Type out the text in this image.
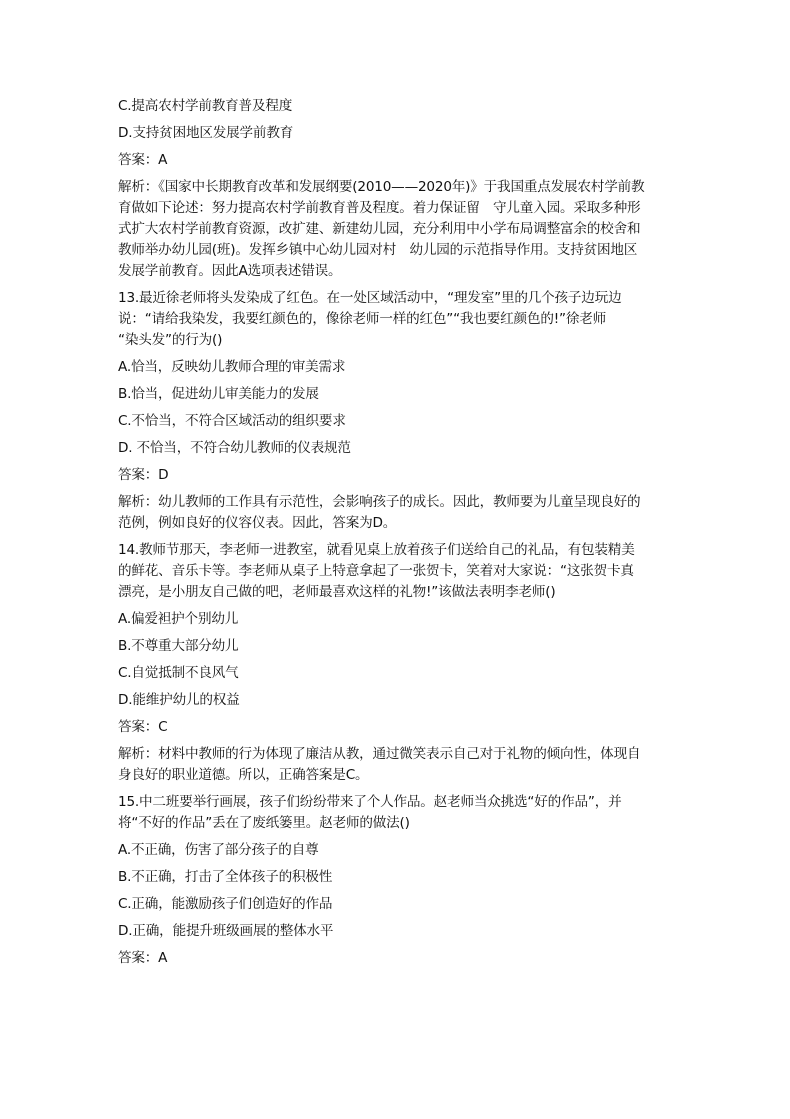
C.提高农村学前教育普及程度
D.支持贫困地区发展学前教育
答案：A
解析：《国家中长期教育改革和发展纲要(2010——2020年)》于我国重点发展农村学前教
育做如下论述：努力提高农村学前教育普及程度。着力保证留　守儿童入园。采取多种形
式扩大农村学前教育资源，改扩建、新建幼儿园，充分利用中小学布局调整富余的校舍和
教师举办幼儿园(班)。发挥乡镇中心幼儿园对村　幼儿园的示范指导作用。支持贫困地区
发展学前教育。因此A选项表述错误。
13.最近徐老师将头发染成了红色。在一处区域活动中，“理发室”里的几个孩子边玩边
说：“请给我染发，我要红颜色的，像徐老师一样的红色”“我也要红颜色的!”徐老师
“染头发”的行为()
A.恰当，反映幼儿教师合理的审美需求
B.恰当，促进幼儿审美能力的发展
C.不恰当，不符合区域活动的组织要求
D. 不恰当，不符合幼儿教师的仪表规范
答案：D
解析：幼儿教师的工作具有示范性，会影响孩子的成长。因此，教师要为儿童呈现良好的
范例，例如良好的仪容仪表。因此，答案为D。
14.教师节那天，李老师一进教室，就看见桌上放着孩子们送给自己的礼品，有包装精美
的鲜花、音乐卡等。李老师从桌子上特意拿起了一张贺卡，笑着对大家说：“这张贺卡真
漂亮，是小朋友自己做的吧，老师最喜欢这样的礼物!”该做法表明李老师()
A.偏爱袒护个别幼儿
B.不尊重大部分幼儿
C.自觉抵制不良风气
D.能维护幼儿的权益
答案：C
解析：材料中教师的行为体现了廉洁从教，通过微笑表示自己对于礼物的倾向性，体现自
身良好的职业道德。所以，正确答案是C。
15.中二班要举行画展，孩子们纷纷带来了个人作品。赵老师当众挑选“好的作品”，并
将“不好的作品”丢在了废纸篓里。赵老师的做法()
A.不正确，伤害了部分孩子的自尊
B.不正确，打击了全体孩子的积极性
C.正确，能激励孩子们创造好的作品
D.正确，能提升班级画展的整体水平
答案：A
